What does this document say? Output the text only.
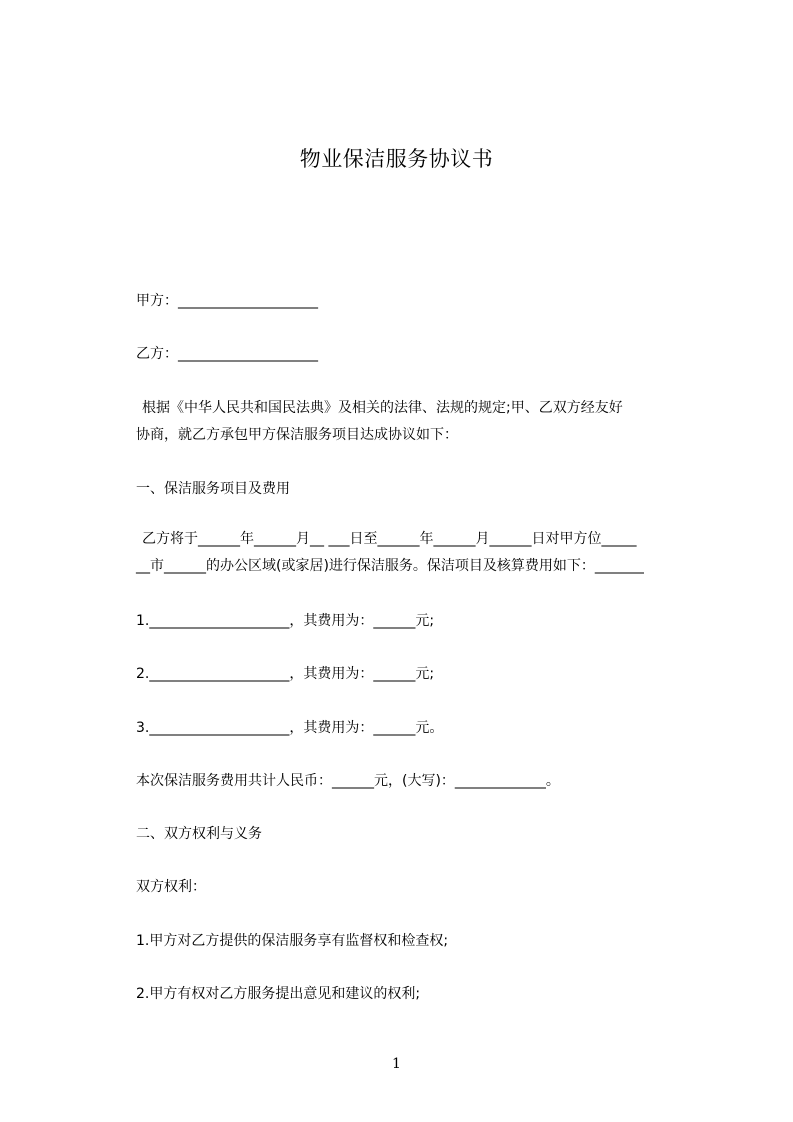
物业保洁服务协议书
甲方：____________________
乙方：____________________
根据《中华人民共和国民法典》及相关的法律、法规的规定;甲、乙双方经友好
协商，就乙方承包甲方保洁服务项目达成协议如下：
一、保洁服务项目及费用
乙方将于______年______月__ ___日至______年______月______日对甲方位_____
__市______的办公区域(或家居)进行保洁服务。保洁项目及核算费用如下：_______
1.____________________，其费用为：______元;
2.____________________，其费用为：______元;
3.____________________，其费用为：______元。
本次保洁服务费用共计人民币：______元，(大写)：_____________。
二、双方权利与义务
双方权利：
1.甲方对乙方提供的保洁服务享有监督权和检查权;
2.甲方有权对乙方服务提出意见和建议的权利;
1
